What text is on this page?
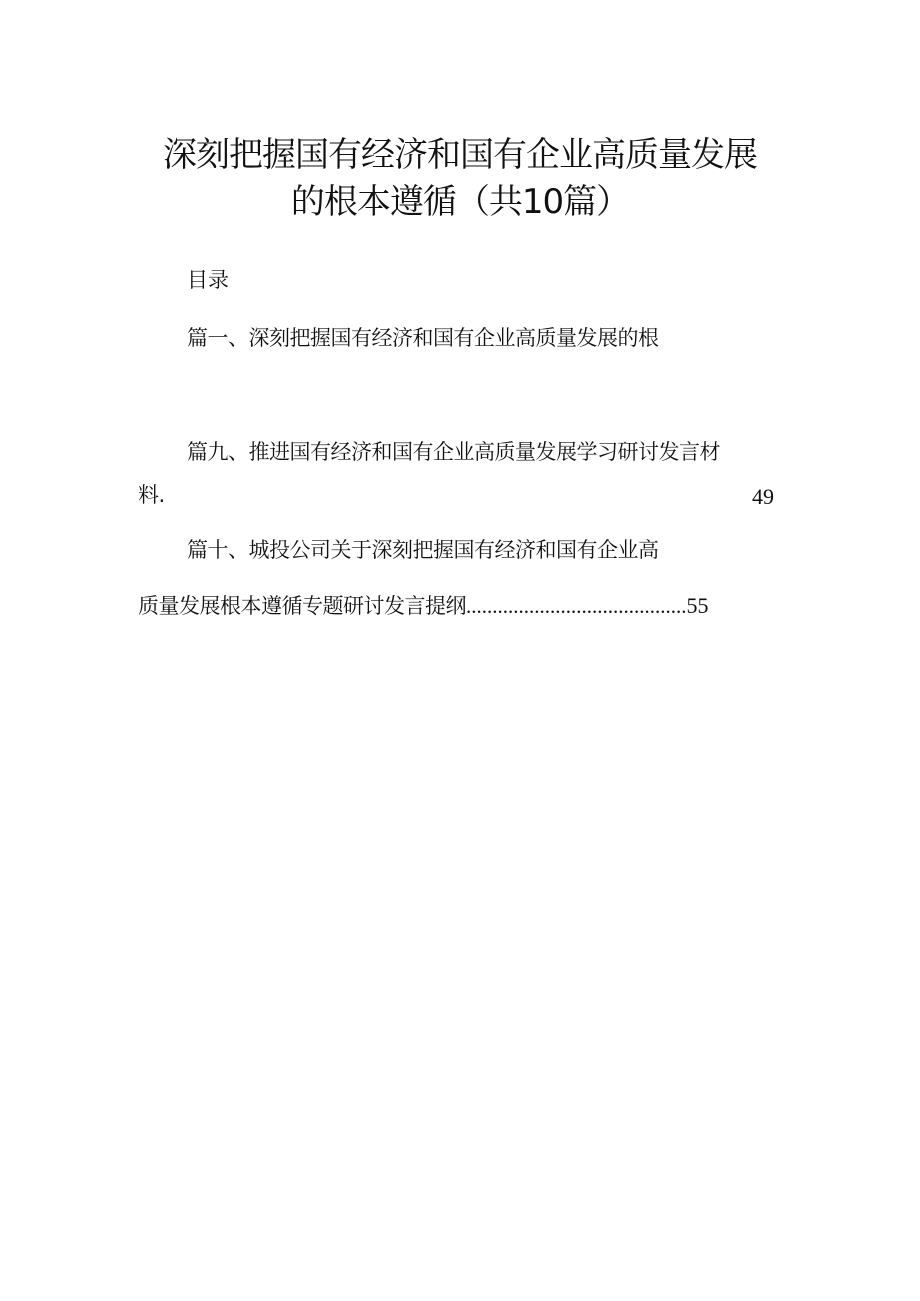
深刻把握国有经济和国有企业高质量发展
的根本遵循（共10篇）
目录
篇一、深刻把握国有经济和国有企业高质量发展的根
篇九、推进国有经济和国有企业高质量发展学习研讨发言材
料.	49
篇十、城投公司关于深刻把握国有经济和国有企业高
质量发展根本遵循专题研讨发言提纲..........................................55
